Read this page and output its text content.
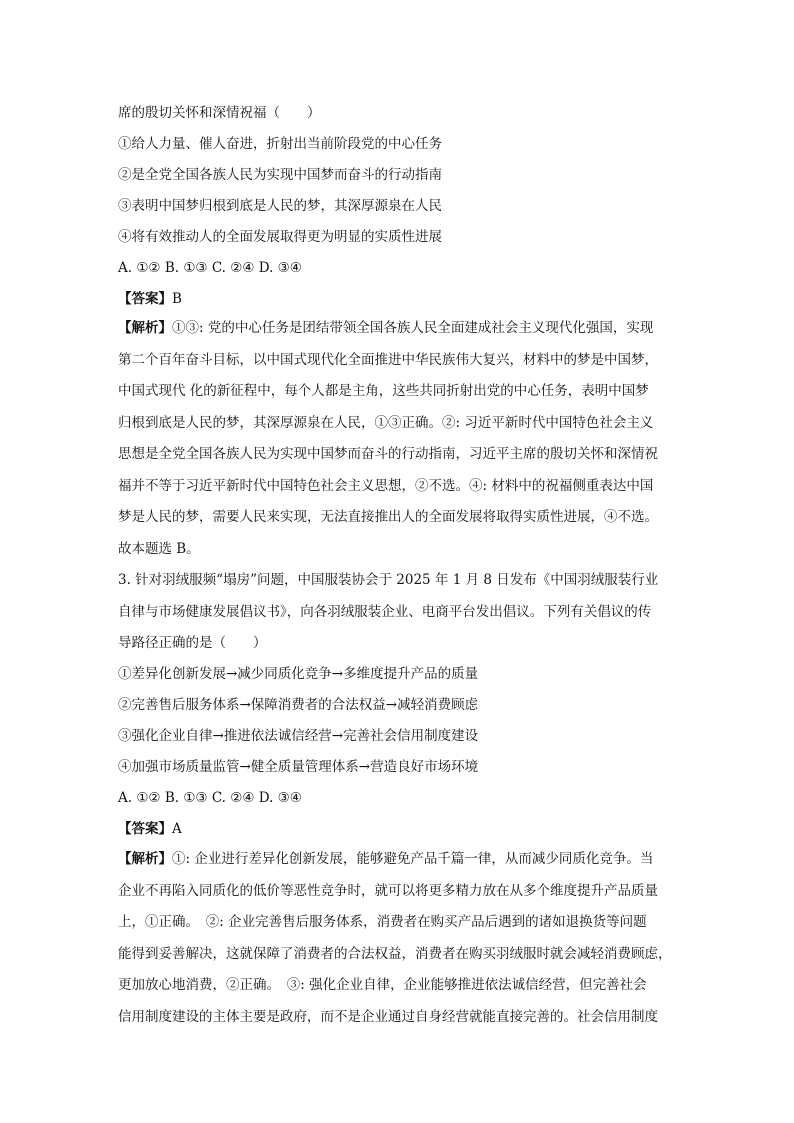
席的殷切关怀和深情祝福（　　）
①给人力量、催人奋进，折射出当前阶段党的中心任务
②是全党全国各族人民为实现中国梦而奋斗的行动指南
③表明中国梦归根到底是人民的梦，其深厚源泉在人民
④将有效推动人的全面发展取得更为明显的实质性进展
A. ①② B. ①③ C. ②④ D. ③④
【答案】B
【解析】①③: 党的中心任务是团结带领全国各族人民全面建成社会主义现代化强国，实现
第二个百年奋斗目标，以中国式现代化全面推进中华民族伟大复兴，材料中的梦是中国梦，
中国式现代 化的新征程中，每个人都是主角，这些共同折射出党的中心任务，表明中国梦
归根到底是人民的梦，其深厚源泉在人民，①③正确。②: 习近平新时代中国特色社会主义
思想是全党全国各族人民为实现中国梦而奋斗的行动指南，习近平主席的殷切关怀和深情祝
福并不等于习近平新时代中国特色社会主义思想，②不选。④: 材料中的祝福侧重表达中国
梦是人民的梦，需要人民来实现，无法直接推出人的全面发展将取得实质性进展，④不选。
故本题选 B。
3. 针对羽绒服频“塌房”问题，中国服装协会于 2025 年 1 月 8 日发布《中国羽绒服装行业
自律与市场健康发展倡议书》，向各羽绒服装企业、电商平台发出倡议。下列有关倡议的传
导路径正确的是（　　）
①差异化创新发展→减少同质化竞争→多维度提升产品的质量
②完善售后服务体系→保障消费者的合法权益→减轻消费顾虑
③强化企业自律→推进依法诚信经营→完善社会信用制度建设
④加强市场质量监管→健全质量管理体系→营造良好市场环境
A. ①② B. ①③ C. ②④ D. ③④
【答案】A
【解析】①: 企业进行差异化创新发展，能够避免产品千篇一律，从而减少同质化竞争。当
企业不再陷入同质化的低价等恶性竞争时，就可以将更多精力放在从多个维度提升产品质量
上，①正确。　②: 企业完善售后服务体系，消费者在购买产品后遇到的诸如退换货等问题
能得到妥善解决，这就保障了消费者的合法权益，消费者在购买羽绒服时就会减轻消费顾虑，
更加放心地消费，②正确。　③: 强化企业自律，企业能够推进依法诚信经营，但完善社会
信用制度建设的主体主要是政府，而不是企业通过自身经营就能直接完善的。社会信用制度
